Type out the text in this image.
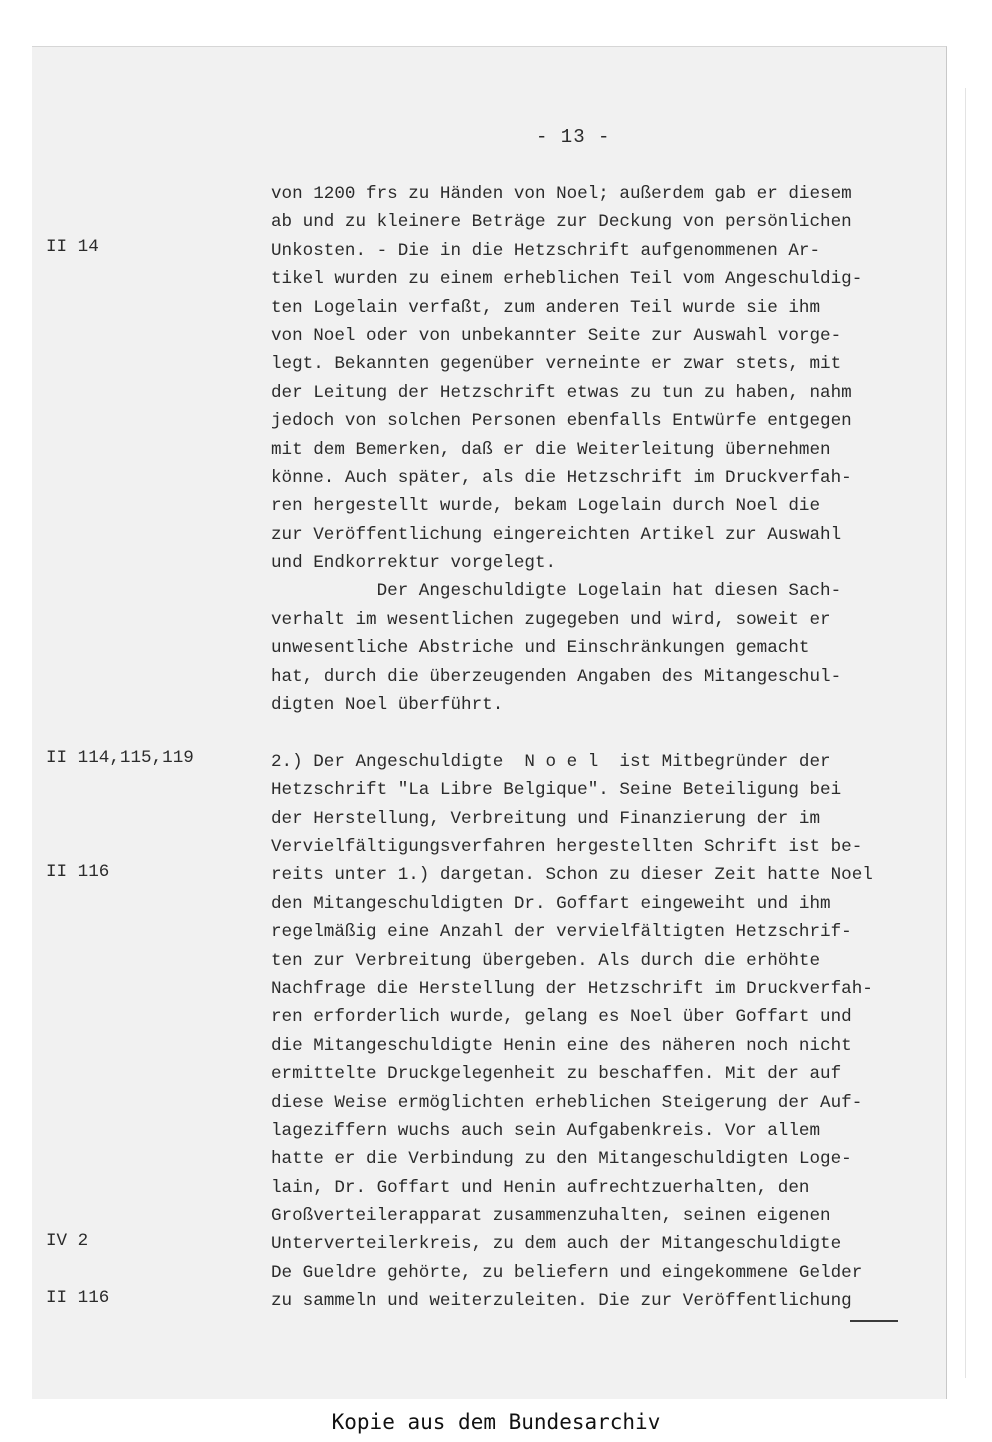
- 13 -
von 1200 frs zu Händen von Noel; außerdem gab er diesem
ab und zu kleinere Beträge zur Deckung von persönlichen
Unkosten. - Die in die Hetzschrift aufgenommenen Ar-
tikel wurden zu einem erheblichen Teil vom Angeschuldig-
ten Logelain verfaßt, zum anderen Teil wurde sie ihm
von Noel oder von unbekannter Seite zur Auswahl vorge-
legt. Bekannten gegenüber verneinte er zwar stets, mit
der Leitung der Hetzschrift etwas zu tun zu haben, nahm
jedoch von solchen Personen ebenfalls Entwürfe entgegen
mit dem Bemerken, daß er die Weiterleitung übernehmen
könne. Auch später, als die Hetzschrift im Druckverfah-
ren hergestellt wurde, bekam Logelain durch Noel die
zur Veröffentlichung eingereichten Artikel zur Auswahl
und Endkorrektur vorgelegt.
Der Angeschuldigte Logelain hat diesen Sach-
verhalt im wesentlichen zugegeben und wird, soweit er
unwesentliche Abstriche und Einschränkungen gemacht
hat, durch die überzeugenden Angaben des Mitangeschul-
digten Noel überführt.
2.) Der Angeschuldigte  N o e l  ist Mitbegründer der
Hetzschrift "La Libre Belgique". Seine Beteiligung bei
der Herstellung, Verbreitung und Finanzierung der im
Vervielfältigungsverfahren hergestellten Schrift ist be-
reits unter 1.) dargetan. Schon zu dieser Zeit hatte Noel
den Mitangeschuldigten Dr. Goffart eingeweiht und ihm
regelmäßig eine Anzahl der vervielfältigten Hetzschrif-
ten zur Verbreitung übergeben. Als durch die erhöhte
Nachfrage die Herstellung der Hetzschrift im Druckverfah-
ren erforderlich wurde, gelang es Noel über Goffart und
die Mitangeschuldigte Henin eine des näheren noch nicht
ermittelte Druckgelegenheit zu beschaffen. Mit der auf
diese Weise ermöglichten erheblichen Steigerung der Auf-
lageziffern wuchs auch sein Aufgabenkreis. Vor allem
hatte er die Verbindung zu den Mitangeschuldigten Loge-
lain, Dr. Goffart und Henin aufrechtzuerhalten, den
Großverteilerapparat zusammenzuhalten, seinen eigenen
Unterverteilerkreis, zu dem auch der Mitangeschuldigte
De Gueldre gehörte, zu beliefern und eingekommene Gelder
zu sammeln und weiterzuleiten. Die zur Veröffentlichung
II 14
II 114,115,119
II 116
IV 2
II 116
Kopie aus dem Bundesarchiv
